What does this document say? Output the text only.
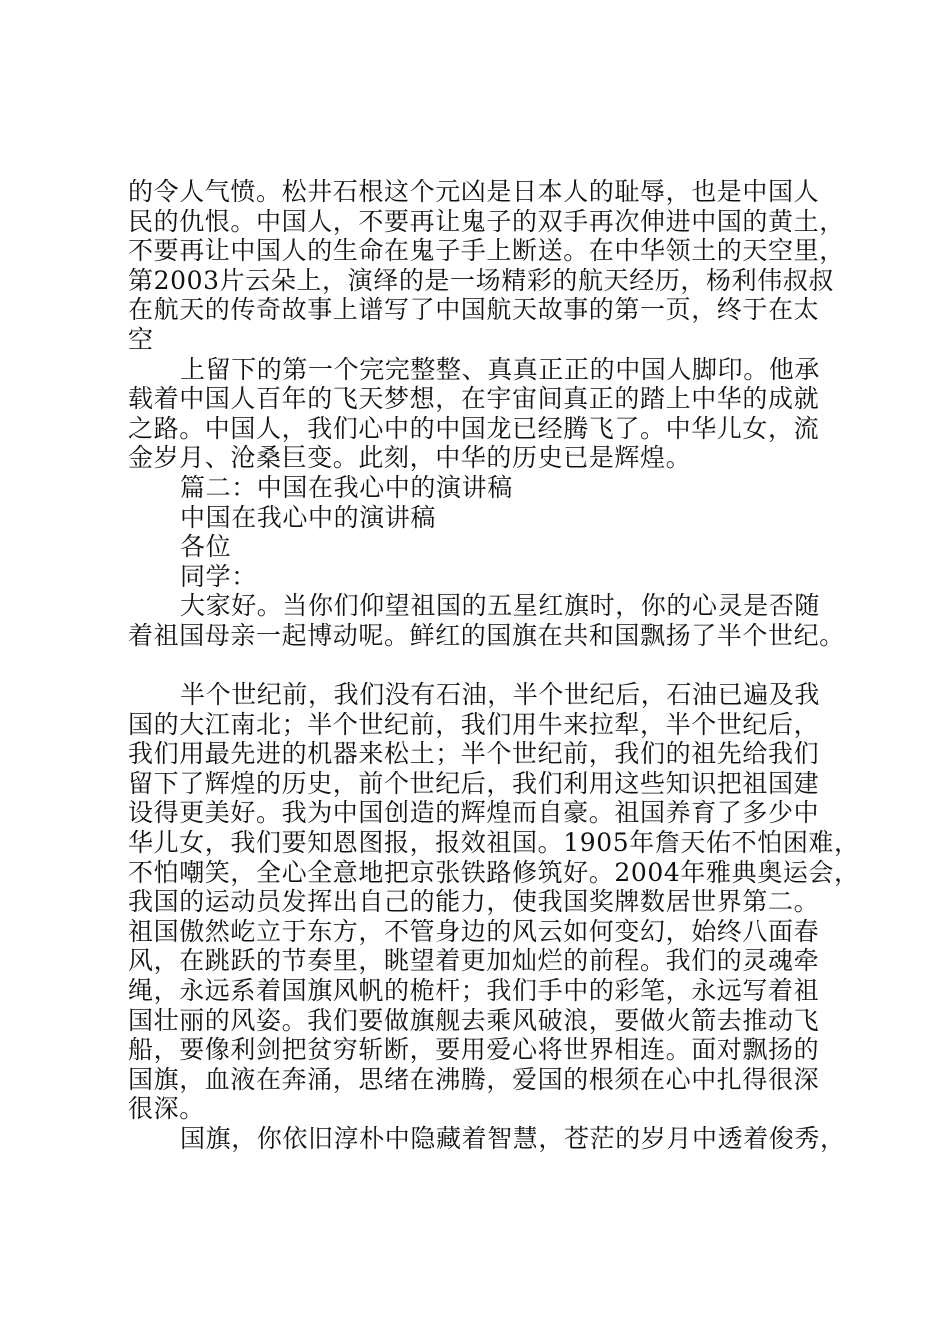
的令人气愤。松井石根这个元凶是日本人的耻辱，也是中国人
民的仇恨。中国人，不要再让鬼子的双手再次伸进中国的黄土，
不要再让中国人的生命在鬼子手上断送。在中华领土的天空里，
第2003片云朵上，演绎的是一场精彩的航天经历，杨利伟叔叔
在航天的传奇故事上谱写了中国航天故事的第一页，终于在太
空
上留下的第一个完完整整、真真正正的中国人脚印。他承
载着中国人百年的飞天梦想，在宇宙间真正的踏上中华的成就
之路。中国人，我们心中的中国龙已经腾飞了。中华儿女，流
金岁月、沧桑巨变。此刻，中华的历史已是辉煌。
篇二：中国在我心中的演讲稿
中国在我心中的演讲稿
各位
同学：
大家好。当你们仰望祖国的五星红旗时，你的心灵是否随
着祖国母亲一起博动呢。鲜红的国旗在共和国飘扬了半个世纪。
半个世纪前，我们没有石油，半个世纪后，石油已遍及我
国的大江南北；半个世纪前，我们用牛来拉犁，半个世纪后，
我们用最先进的机器来松土；半个世纪前，我们的祖先给我们
留下了辉煌的历史，前个世纪后，我们利用这些知识把祖国建
设得更美好。我为中国创造的辉煌而自豪。祖国养育了多少中
华儿女，我们要知恩图报，报效祖国。1905年詹天佑不怕困难，
不怕嘲笑，全心全意地把京张铁路修筑好。2004年雅典奥运会，
我国的运动员发挥出自己的能力，使我国奖牌数居世界第二。
祖国傲然屹立于东方，不管身边的风云如何变幻，始终八面春
风，在跳跃的节奏里，眺望着更加灿烂的前程。我们的灵魂牵
绳，永远系着国旗风帆的桅杆；我们手中的彩笔，永远写着祖
国壮丽的风姿。我们要做旗舰去乘风破浪，要做火箭去推动飞
船，要像利剑把贫穷斩断，要用爱心将世界相连。面对飘扬的
国旗，血液在奔涌，思绪在沸腾，爱国的根须在心中扎得很深
很深。
国旗，你依旧淳朴中隐藏着智慧，苍茫的岁月中透着俊秀，
